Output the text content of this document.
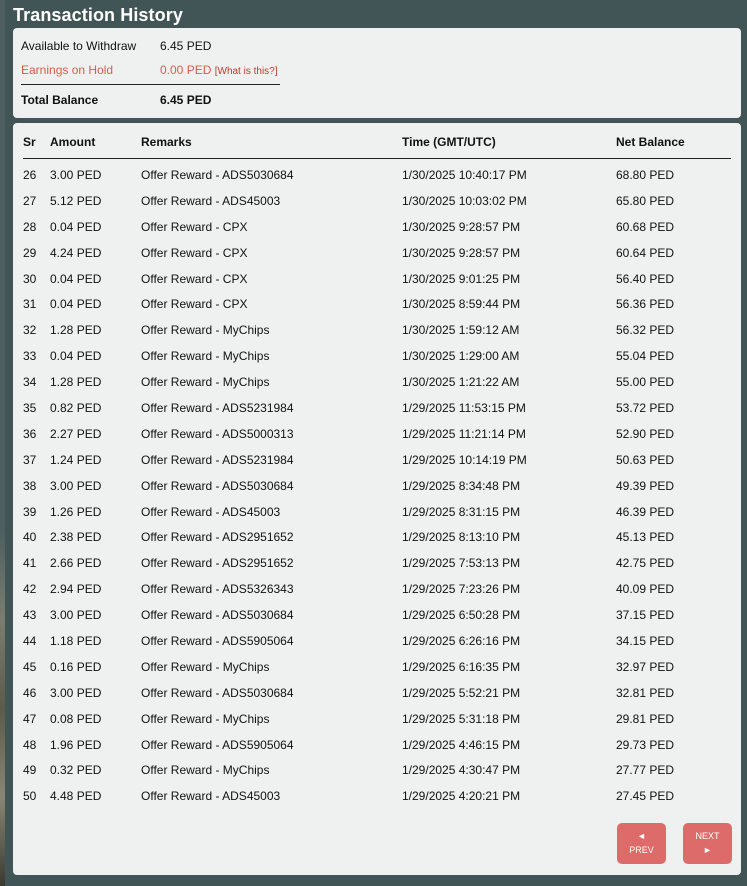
Transaction History
Available to Withdraw 6.45 PED
Earnings on Hold	0.00 PED [What is this?]
Total Balance	6.45 PED
Sr Amount	Remarks	Time (GMT/UTC)	Net Balance
26 3.00 PED	Offer Reward - ADS5030684	1/30/2025 10:40:17 PM	68.80 PED
27 5.12 PED	Offer Reward - ADS45003	1/30/2025 10:03:02 PM	65.80 PED
28 0.04 PED	Offer Reward - CPX	1/30/2025 9:28:57 PM	60.68 PED
29 4.24 PED	Offer Reward - CPX	1/30/2025 9:28:57 PM	60.64 PED
30 0.04 PED	Offer Reward - CPX	1/30/2025 9:01:25 PM	56.40 PED
31 0.04 PED	Offer Reward - CPX	1/30/2025 8:59:44 PM	56.36 PED
32 1.28 PED	Offer Reward - MyChips	1/30/2025 1:59:12 AM	56.32 PED
33 0.04 PED	Offer Reward - MyChips	1/30/2025 1:29:00 AM	55.04 PED
34 1.28 PED	Offer Reward - MyChips	1/30/2025 1:21:22 AM	55.00 PED
35 0.82 PED	Offer Reward - ADS5231984	1/29/2025 11:53:15 PM	53.72 PED
36 2.27 PED	Offer Reward - ADS5000313	1/29/2025 11:21:14 PM	52.90 PED
37 1.24 PED	Offer Reward - ADS5231984	1/29/2025 10:14:19 PM	50.63 PED
38 3.00 PED	Offer Reward - ADS5030684	1/29/2025 8:34:48 PM	49.39 PED
39 1.26 PED	Offer Reward - ADS45003	1/29/2025 8:31:15 PM	46.39 PED
40 2.38 PED	Offer Reward - ADS2951652	1/29/2025 8:13:10 PM	45.13 PED
41 2.66 PED	Offer Reward - ADS2951652	1/29/2025 7:53:13 PM	42.75 PED
42 2.94 PED	Offer Reward - ADS5326343	1/29/2025 7:23:26 PM	40.09 PED
43 3.00 PED	Offer Reward - ADS5030684	1/29/2025 6:50:28 PM	37.15 PED
44 1.18 PED	Offer Reward - ADS5905064	1/29/2025 6:26:16 PM	34.15 PED
45 0.16 PED	Offer Reward - MyChips	1/29/2025 6:16:35 PM	32.97 PED
46 3.00 PED	Offer Reward - ADS5030684	1/29/2025 5:52:21 PM	32.81 PED
47 0.08 PED	Offer Reward - MyChips	1/29/2025 5:31:18 PM	29.81 PED
48 1.96 PED	Offer Reward - ADS5905064	1/29/2025 4:46:15 PM	29.73 PED
49 0.32 PED	Offer Reward - MyChips	1/29/2025 4:30:47 PM	27.77 PED
50 4.48 PED	Offer Reward - ADS45003	1/29/2025 4:20:21 PM	27.45 PED
◄
PREV
NEXT
►
